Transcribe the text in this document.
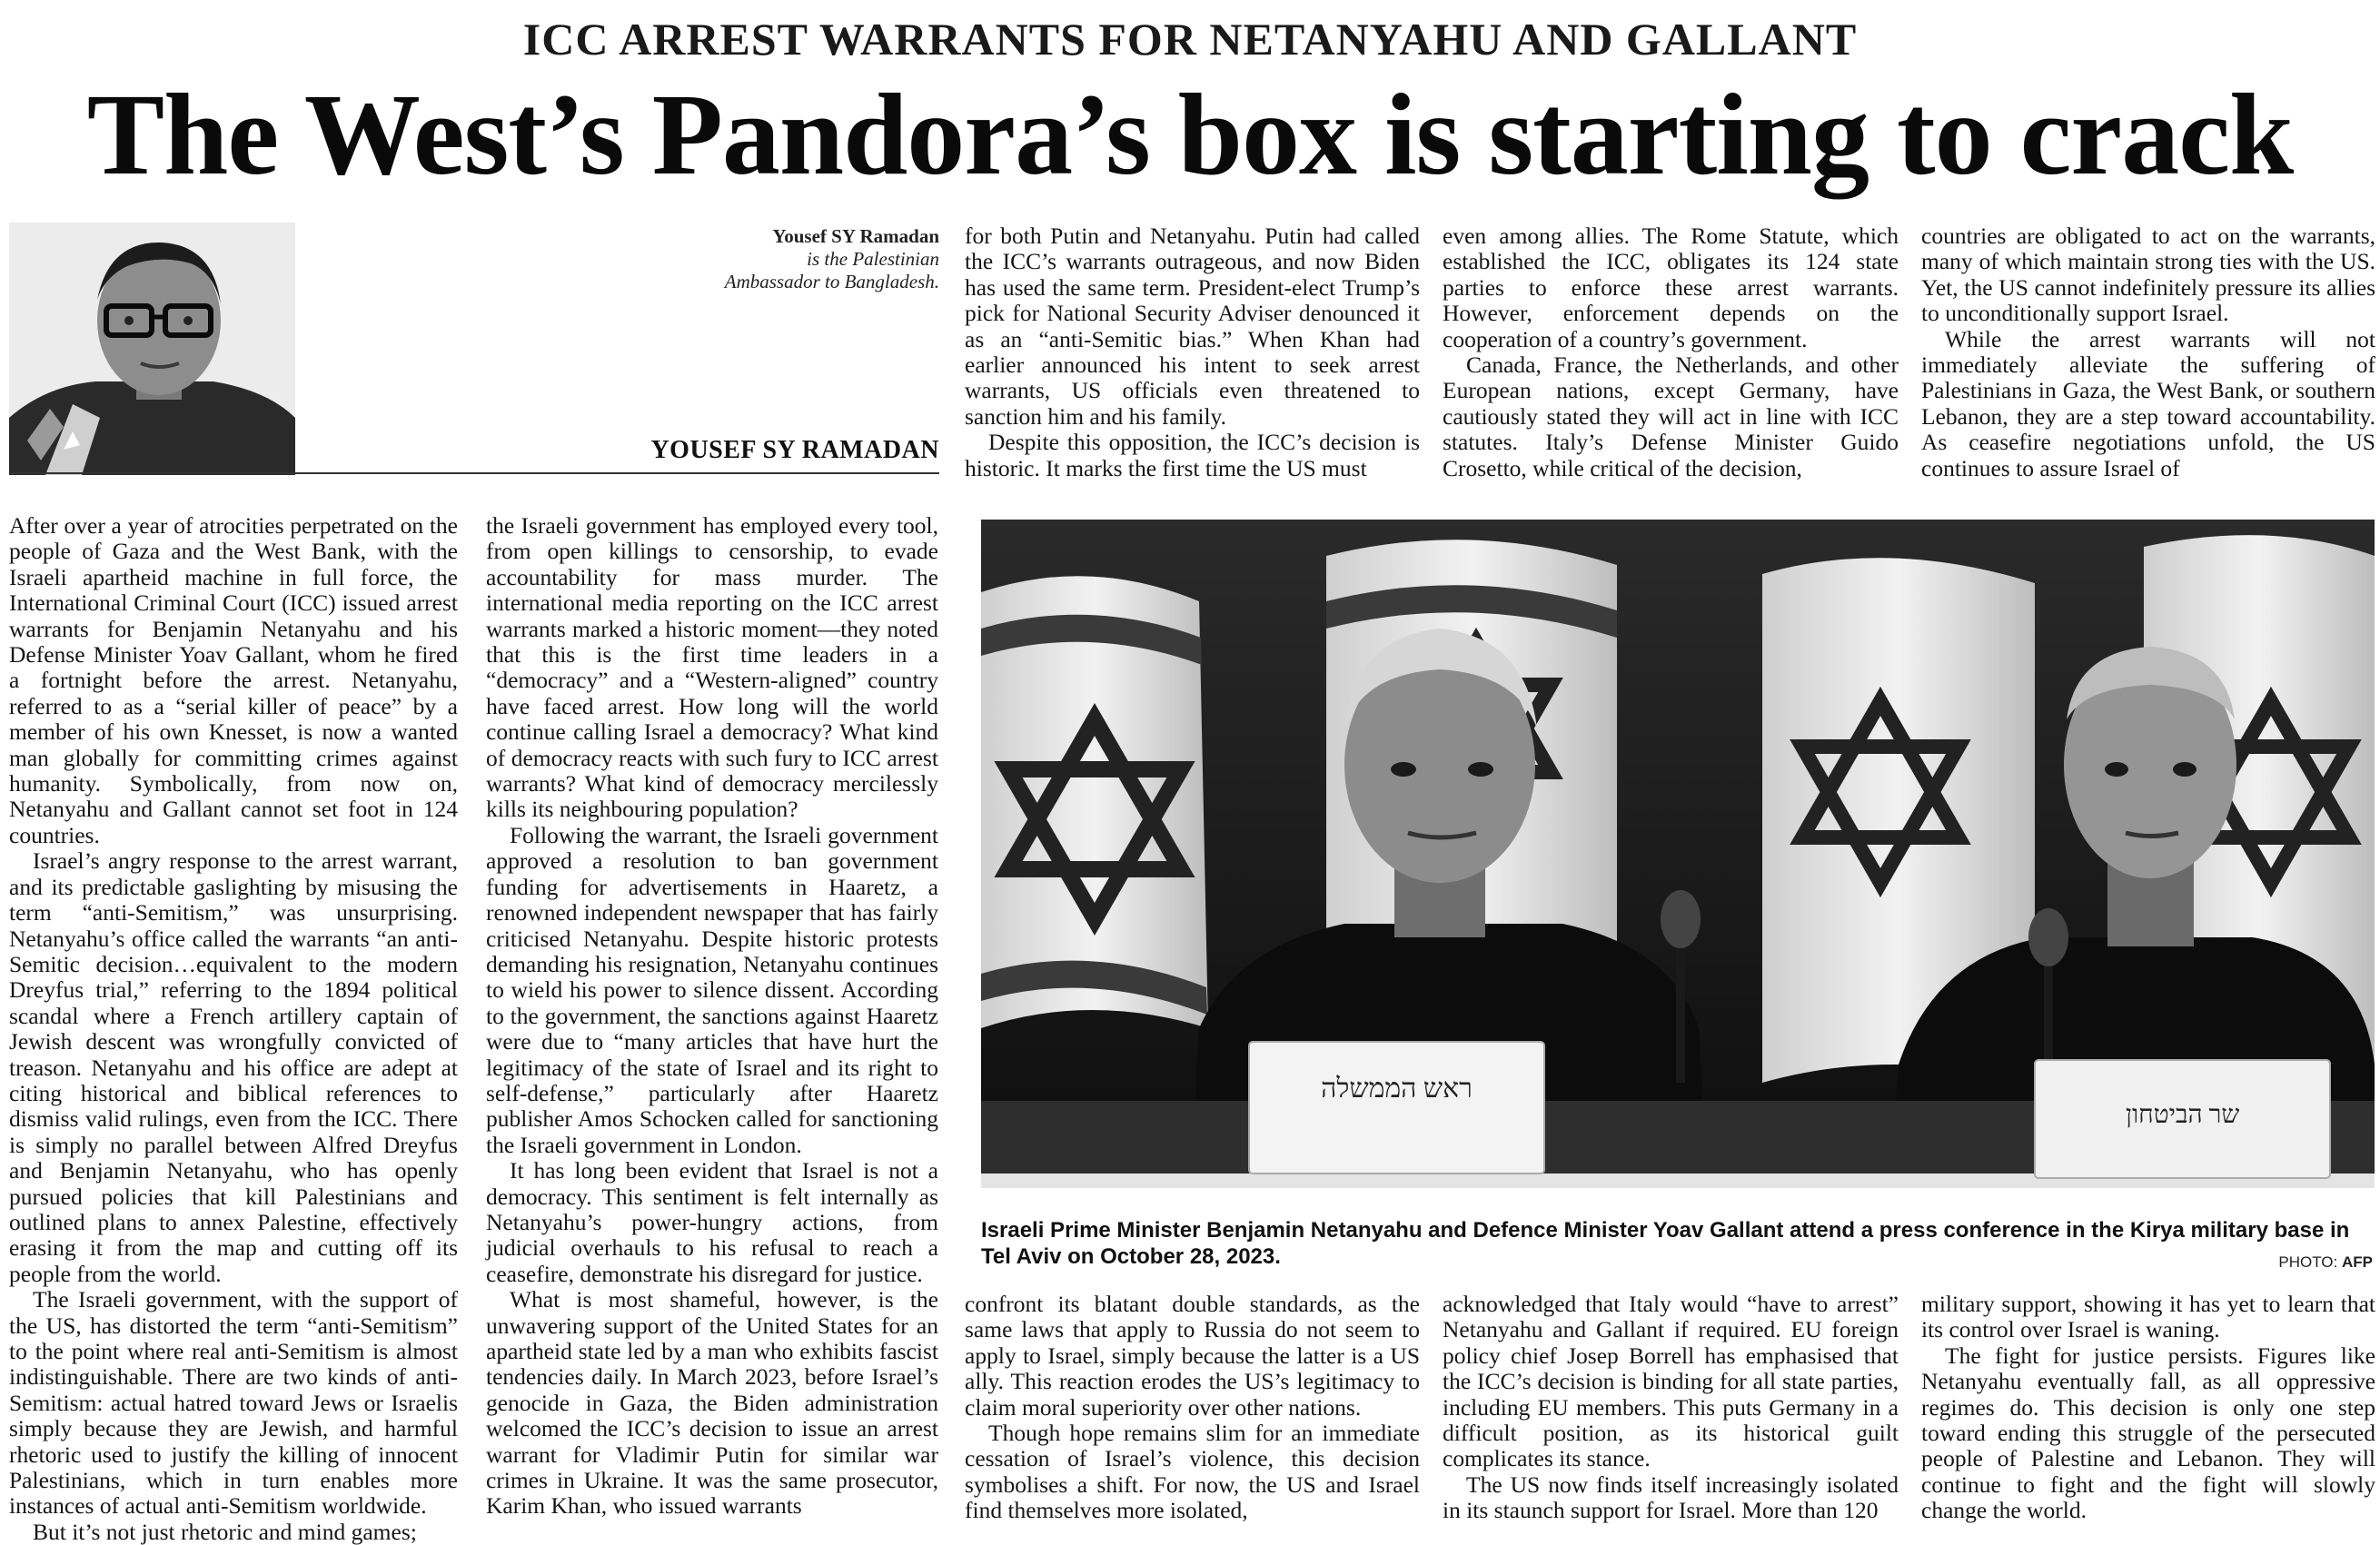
ICC ARREST WARRANTS FOR NETANYAHU AND GALLANT
The West’s Pandora’s box is starting to crack
Yousef SY Ramadan
is the Palestinian
Ambassador to Bangladesh.
YOUSEF SY RAMADAN

After over a year of atrocities perpetrated on the people of Gaza and the West Bank, with the Israeli apartheid machine in full force, the International Criminal Court (ICC) issued arrest warrants for Benjamin Netanyahu and his Defense Minister Yoav Gallant, whom he fired a fortnight before the arrest. Netanyahu, referred to as a “serial killer of peace” by a member of his own Knesset, is now a wanted man globally for committing crimes against humanity. Symbolically, from now on, Netanyahu and Gallant cannot set foot in 124 countries.

Israel’s angry response to the arrest warrant, and its predictable gaslighting by misusing the term “anti-Semitism,” was unsurprising. Netanyahu’s office called the warrants “an anti-Semitic decision…equivalent to the modern Dreyfus trial,” referring to the 1894 political scandal where a French artillery captain of Jewish descent was wrongfully convicted of treason. Netanyahu and his office are adept at citing historical and biblical references to dismiss valid rulings, even from the ICC. There is simply no parallel between Alfred Dreyfus and Benjamin Netanyahu, who has openly pursued policies that kill Palestinians and outlined plans to annex Palestine, effectively erasing it from the map and cutting off its people from the world.

The Israeli government, with the support of the US, has distorted the term “anti-Semitism” to the point where real anti-Semitism is almost indistinguishable. There are two kinds of anti-Semitism: actual hatred toward Jews or Israelis simply because they are Jewish, and harmful rhetoric used to justify the killing of innocent Palestinians, which in turn enables more instances of actual anti-Semitism worldwide.

But it’s not just rhetoric and mind games;

the Israeli government has employed every tool, from open killings to censorship, to evade accountability for mass murder. The international media reporting on the ICC arrest warrants marked a historic moment—they noted that this is the first time leaders in a “democracy” and a “Western-aligned” country have faced arrest. How long will the world continue calling Israel a democracy? What kind of democracy reacts with such fury to ICC arrest warrants? What kind of democracy mercilessly kills its neighbouring population?

Following the warrant, the Israeli government approved a resolution to ban government funding for advertisements in Haaretz, a renowned independent newspaper that has fairly criticised Netanyahu. Despite historic protests demanding his resignation, Netanyahu continues to wield his power to silence dissent. According to the government, the sanctions against Haaretz were due to “many articles that have hurt the legitimacy of the state of Israel and its right to self-defense,” particularly after Haaretz publisher Amos Schocken called for sanctioning the Israeli government in London.

It has long been evident that Israel is not a democracy. This sentiment is felt internally as Netanyahu’s power-hungry actions, from judicial overhauls to his refusal to reach a ceasefire, demonstrate his disregard for justice.

What is most shameful, however, is the unwavering support of the United States for an apartheid state led by a man who exhibits fascist tendencies daily. In March 2023, before Israel’s genocide in Gaza, the Biden administration welcomed the ICC’s decision to issue an arrest warrant for Vladimir Putin for similar war crimes in Ukraine. It was the same prosecutor, Karim Khan, who issued warrants

for both Putin and Netanyahu. Putin had called the ICC’s warrants outrageous, and now Biden has used the same term. President-elect Trump’s pick for National Security Adviser denounced it as an “anti-Semitic bias.” When Khan had earlier announced his intent to seek arrest warrants, US officials even threatened to sanction him and his family.

Despite this opposition, the ICC’s decision is historic. It marks the first time the US must

even among allies. The Rome Statute, which established the ICC, obligates its 124 state parties to enforce these arrest warrants. However, enforcement depends on the cooperation of a country’s government.

Canada, France, the Netherlands, and other European nations, except Germany, have cautiously stated they will act in line with ICC statutes. Italy’s Defense Minister Guido Crosetto, while critical of the decision,

countries are obligated to act on the warrants, many of which maintain strong ties with the US. Yet, the US cannot indefinitely pressure its allies to unconditionally support Israel.

While the arrest warrants will not immediately alleviate the suffering of Palestinians in Gaza, the West Bank, or southern Lebanon, they are a step toward accountability. As ceasefire negotiations unfold, the US continues to assure Israel of

ראש הממשלה
שר הביטחון
Israeli Prime Minister Benjamin Netanyahu and Defence Minister Yoav Gallant attend a press conference in the Kirya military base in Tel Aviv on October 28, 2023.	PHOTO: AFP

confront its blatant double standards, as the same laws that apply to Russia do not seem to apply to Israel, simply because the latter is a US ally. This reaction erodes the US’s legitimacy to claim moral superiority over other nations.

Though hope remains slim for an immediate cessation of Israel’s violence, this decision symbolises a shift. For now, the US and Israel find themselves more isolated,

acknowledged that Italy would “have to arrest” Netanyahu and Gallant if required. EU foreign policy chief Josep Borrell has emphasised that the ICC’s decision is binding for all state parties, including EU members. This puts Germany in a difficult position, as its historical guilt complicates its stance.

The US now finds itself increasingly isolated in its staunch support for Israel. More than 120

military support, showing it has yet to learn that its control over Israel is waning.

The fight for justice persists. Figures like Netanyahu eventually fall, as all oppressive regimes do. This decision is only one step toward ending this struggle of the persecuted people of Palestine and Lebanon. They will continue to fight and the fight will slowly change the world.
